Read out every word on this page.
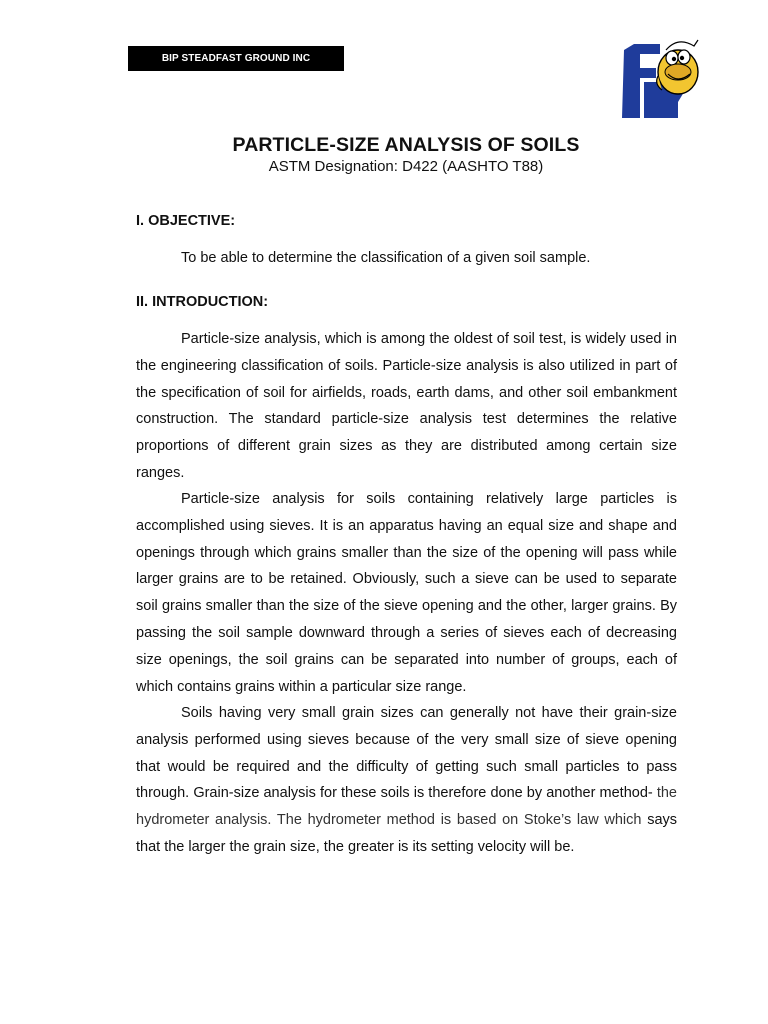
BIP STEADFAST GROUND INC
PARTICLE-SIZE ANALYSIS OF SOILS
ASTM Designation: D422 (AASHTO T88)
I. OBJECTIVE:

To be able to determine the classification of a given soil sample.

II. INTRODUCTION:

Particle-size analysis, which is among the oldest of soil test, is widely used in the engineering classification of soils. Particle-size analysis is also utilized in part of the specification of soil for airfields, roads, earth dams, and other soil embankment construction. The standard particle-size analysis test determines the relative proportions of different grain sizes as they are distributed among certain size ranges.

Particle-size analysis for soils containing relatively large particles is accomplished using sieves. It is an apparatus having an equal size and shape and openings through which grains smaller than the size of the opening will pass while larger grains are to be retained. Obviously, such a sieve can be used to separate soil grains smaller than the size of the sieve opening and the other, larger grains. By passing the soil sample downward through a series of sieves each of decreasing size openings, the soil grains can be separated into number of groups, each of which contains grains within a particular size range.

Soils having very small grain sizes can generally not have their grain-size analysis performed using sieves because of the very small size of sieve opening that would be required and the difficulty of getting such small particles to pass through. Grain-size analysis for these soils is therefore done by another method- the hydrometer analysis. The hydrometer method is based on Stoke’s law which says that the larger the grain size, the greater is its setting velocity will be.
